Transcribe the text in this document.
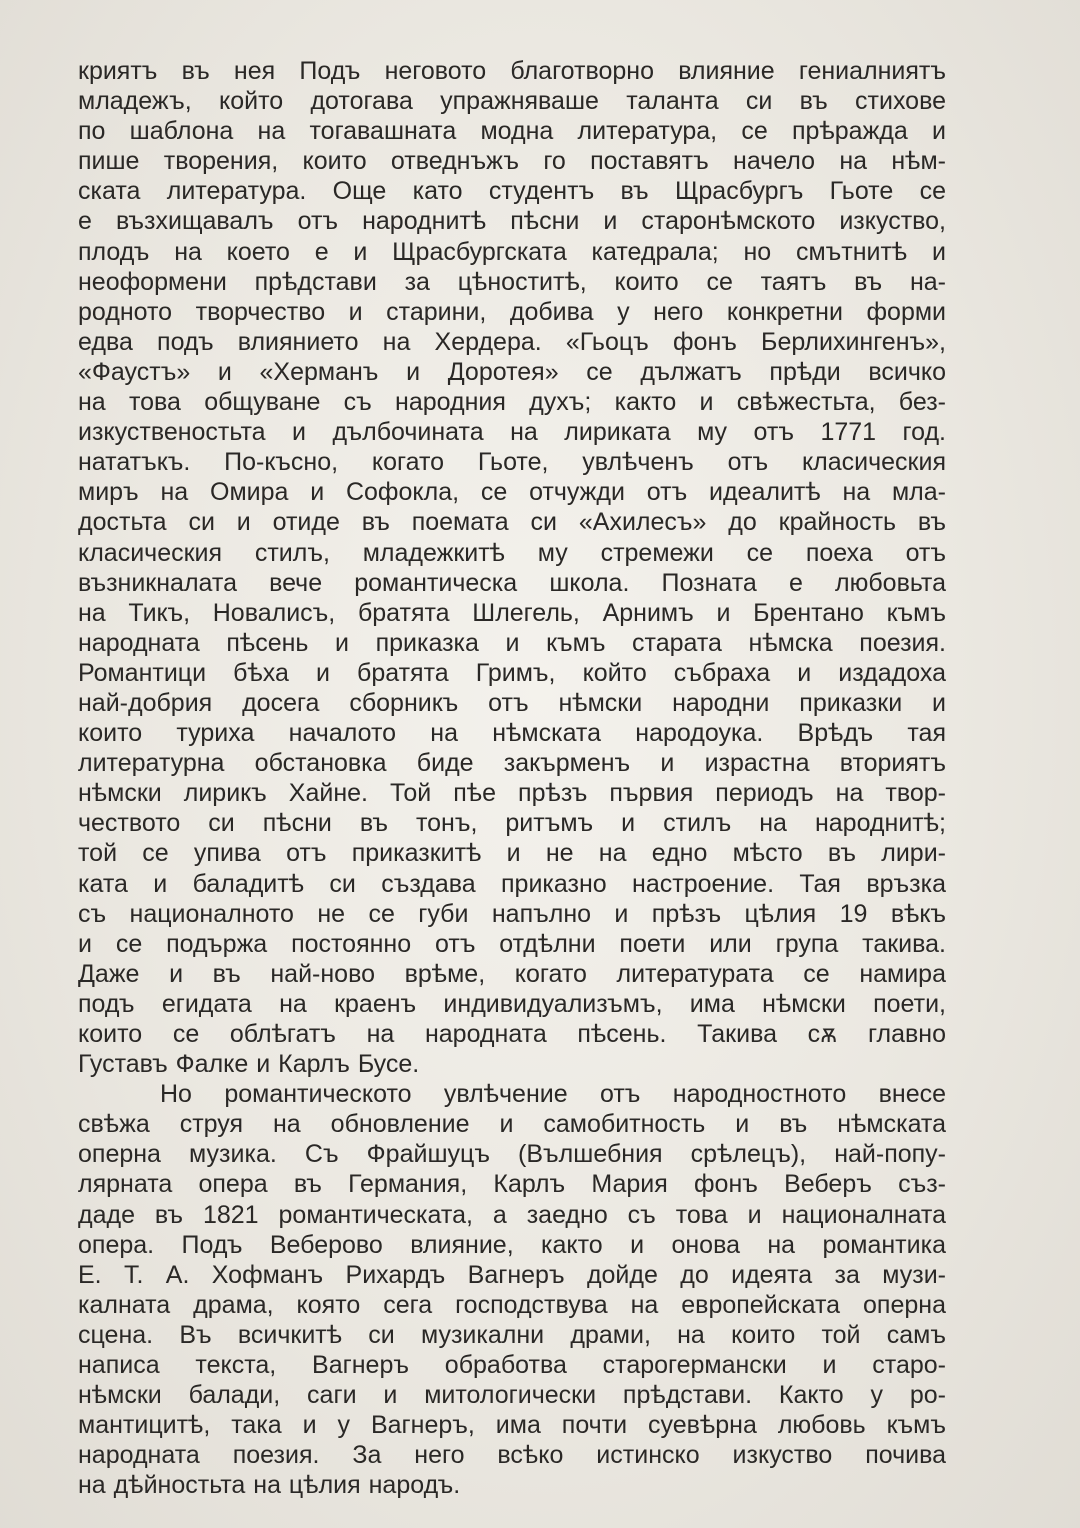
криятъ въ нея Подъ неговото благотворно влияние гениалниятъ
младежъ, който дотогава упражняваше таланта си въ стихове
по шаблона на тогавашната модна литература, се прѣражда и
пише творения, които отведнъжъ го поставятъ начело на нѣм-
ската литература. Още като студентъ въ Щрасбургъ Гьоте се
е възхищавалъ отъ народнитѣ пѣсни и старонѣмското изкуство,
плодъ на което е и Щрасбургската катедрала; но смътнитѣ и
неоформени прѣдстави за цѣноститѣ, които се таятъ въ на-
родното творчество и старини, добива у него конкретни форми
едва подъ влиянието на Хердера. «Гьоцъ фонъ Берлихингенъ»,
«Фаустъ» и «Херманъ и Доротея» се дължатъ прѣди всичко
на това общуване съ народния духъ; както и свѣжестьта, без-
изкуственостьта и дълбочината на лириката му отъ 1771 год.
нататъкъ. По-късно, когато Гьоте, увлѣченъ отъ класическия
миръ на Омира и Софокла, се отчужди отъ идеалитѣ на мла-
достьта си и отиде въ поемата си «Ахилесъ» до крайность въ
класическия стилъ, младежкитѣ му стремежи се поеха отъ
възникналата вече романтическа школа. Позната е любовьта
на Тикъ, Новалисъ, братята Шлегель, Арнимъ и Брентано къмъ
народната пѣсень и приказка и къмъ старата нѣмска поезия.
Романтици бѣха и братята Гримъ, който събраха и издадоха
най-добрия досега сборникъ отъ нѣмски народни приказки и
които туриха началото на нѣмската народоука. Врѣдъ тая
литературна обстановка биде закърменъ и израстна вториятъ
нѣмски лирикъ Хайне. Той пѣе прѣзъ първия периодъ на твор-
чеството си пѣсни въ тонъ, ритъмъ и стилъ на народнитѣ;
той се упива отъ приказкитѣ и не на едно мѣсто въ лири-
ката и баладитѣ си създава приказно настроение. Тая връзка
съ националното не се губи напълно и прѣзъ цѣлия 19 вѣкъ
и се подържа постоянно отъ отдѣлни поети или група такива.
Даже и въ най-ново врѣме, когато литературата се намира
подъ егидата на краенъ индивидуализъмъ, има нѣмски поети,
които се облѣгатъ на народната пѣсень. Такива сѫ главно
Густавъ Фалке и Карлъ Бусе.
Но романтическото увлѣчение отъ народностното внесе
свѣжа струя на обновление и самобитность и въ нѣмската
оперна музика. Съ Фрайшуцъ (Вълшебния срѣлецъ), най-попу-
лярната опера въ Германия, Карлъ Мария фонъ Веберъ съз-
даде въ 1821 романтическата, а заедно съ това и националната
опера. Подъ Веберово влияние, както и онова на романтика
Е. Т. А. Хофманъ Рихардъ Вагнеръ дойде до идеята за музи-
калната драма, която сега господствува на европейската оперна
сцена. Въ всичкитѣ си музикални драми, на които той самъ
написа текста, Вагнеръ обработва старогермански и старо-
нѣмски балади, саги и митологически прѣдстави. Както у ро-
мантицитѣ, така и у Вагнеръ, има почти суевѣрна любовь къмъ
народната поезия. За него всѣко истинско изкуство почива
на дѣйностьта на цѣлия народъ.
